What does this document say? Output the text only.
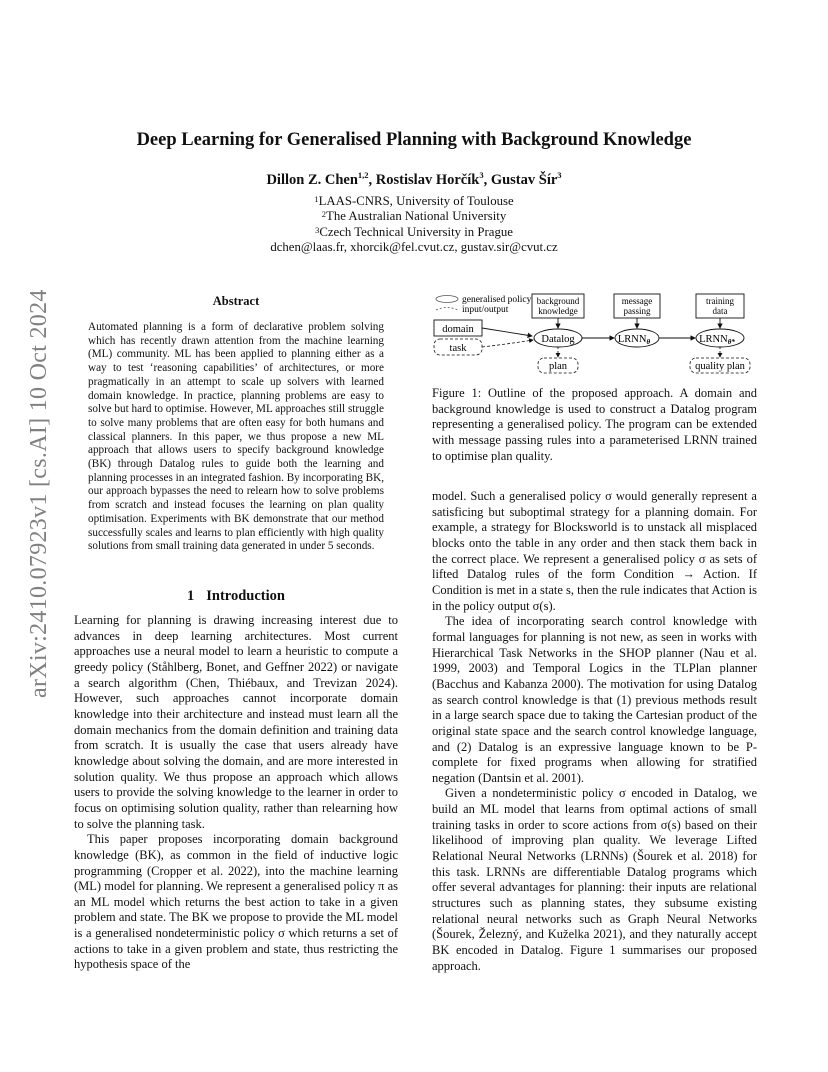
arXiv:2410.07923v1 [cs.AI] 10 Oct 2024
Deep Learning for Generalised Planning with Background Knowledge
Dillon Z. Chen$^{1,2}$, Rostislav Horčík$^3$, Gustav Šír$^3$
$^1$LAAS-CNRS, University of Toulouse
$^2$The Australian National University
$^3$Czech Technical University in Prague
dchen@laas.fr, xhorcik@fel.cvut.cz, gustav.sir@cvut.cz
Abstract
Automated planning is a form of declarative problem solving which has recently drawn attention from the machine learning (ML) community. ML has been applied to planning either as a way to test ‘reasoning capabilities’ of architectures, or more pragmatically in an attempt to scale up solvers with learned domain knowledge. In practice, planning problems are easy to solve but hard to optimise. However, ML approaches still struggle to solve many problems that are often easy for both humans and classical planners. In this paper, we thus propose a new ML approach that allows users to specify background knowledge (BK) through Datalog rules to guide both the learning and planning processes in an integrated fashion. By incorporating BK, our approach bypasses the need to relearn how to solve problems from scratch and instead focuses the learning on plan quality optimisation. Experiments with BK demonstrate that our method successfully scales and learns to plan efficiently with high quality solutions from small training data generated in under 5 seconds.
1 Introduction

Learning for planning is drawing increasing interest due to advances in deep learning architectures. Most current approaches use a neural model to learn a heuristic to compute a greedy policy (Ståhlberg, Bonet, and Geffner 2022) or navigate a search algorithm (Chen, Thiébaux, and Trevizan 2024). However, such approaches cannot incorporate domain knowledge into their architecture and instead must learn all the domain mechanics from the domain definition and training data from scratch. It is usually the case that users already have knowledge about solving the domain, and are more interested in solution quality. We thus propose an approach which allows users to provide the solving knowledge to the learner in order to focus on optimising solution quality, rather than relearning how to solve the planning task.

This paper proposes incorporating domain background knowledge (BK), as common in the field of inductive logic programming (Cropper et al. 2022), into the machine learning (ML) model for planning. We represent a generalised policy π as an ML model which returns the best action to take in a given problem and state. The BK we propose to provide the ML model is a generalised nondeterministic policy σ which returns a set of actions to take in a given problem and state, thus restricting the hypothesis space of the

generalised policy
input/output
domain
task
background
knowledge
message
passing
training
data
Datalog	LRNNθ	LRNNθ*
plan	quality plan
Figure 1: Outline of the proposed approach. A domain and background knowledge is used to construct a Datalog program representing a generalised policy. The program can be extended with message passing rules into a parameterised LRNN trained to optimise plan quality.

model. Such a generalised policy σ would generally represent a satisficing but suboptimal strategy for a planning domain. For example, a strategy for Blocksworld is to unstack all misplaced blocks onto the table in any order and then stack them back in the correct place. We represent a generalised policy σ as sets of lifted Datalog rules of the form Condition → Action. If Condition is met in a state s, then the rule indicates that Action is in the policy output σ(s).

The idea of incorporating search control knowledge with formal languages for planning is not new, as seen in works with Hierarchical Task Networks in the SHOP planner (Nau et al. 1999, 2003) and Temporal Logics in the TLPlan planner (Bacchus and Kabanza 2000). The motivation for using Datalog as search control knowledge is that (1) previous methods result in a large search space due to taking the Cartesian product of the original state space and the search control knowledge language, and (2) Datalog is an expressive language known to be P-complete for fixed programs when allowing for stratified negation (Dantsin et al. 2001).

Given a nondeterministic policy σ encoded in Datalog, we build an ML model that learns from optimal actions of small training tasks in order to score actions from σ(s) based on their likelihood of improving plan quality. We leverage Lifted Relational Neural Networks (LRNNs) (Šourek et al. 2018) for this task. LRNNs are differentiable Datalog programs which offer several advantages for planning: their inputs are relational structures such as planning states, they subsume existing relational neural networks such as Graph Neural Networks (Šourek, Železný, and Kuželka 2021), and they naturally accept BK encoded in Datalog. Figure 1 summarises our proposed approach.
